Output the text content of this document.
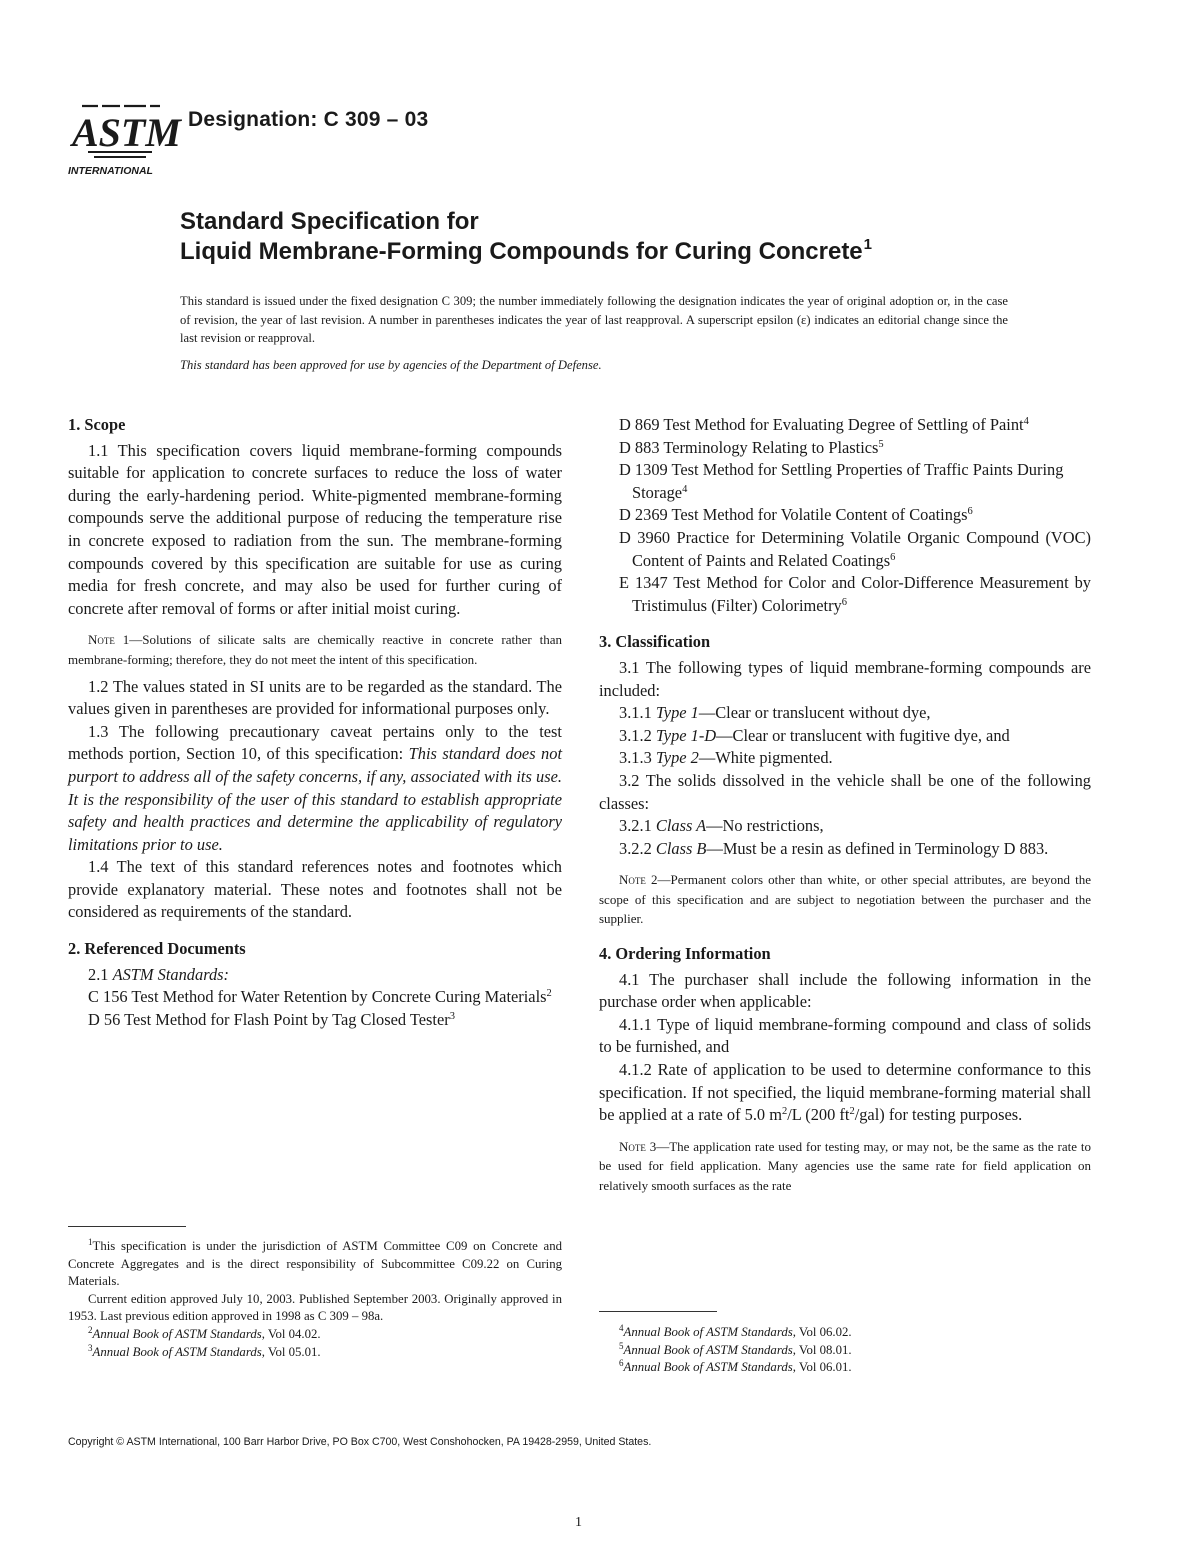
ASTM
INTERNATIONAL
Designation: C 309 – 03
Standard Specification for
Liquid Membrane-Forming Compounds for Curing Concrete$^1$
This standard is issued under the fixed designation C 309; the number immediately following the designation indicates the year of original adoption or, in the case of revision, the year of last revision. A number in parentheses indicates the year of last reapproval. A superscript epsilon (ε) indicates an editorial change since the last revision or reapproval.
This standard has been approved for use by agencies of the Department of Defense.

1. Scope

1.1 This specification covers liquid membrane-forming compounds suitable for application to concrete surfaces to reduce the loss of water during the early-hardening period. White-pigmented membrane-forming compounds serve the additional purpose of reducing the temperature rise in concrete exposed to radiation from the sun. The membrane-forming compounds covered by this specification are suitable for use as curing media for fresh concrete, and may also be used for further curing of concrete after removal of forms or after initial moist curing.

Note 1—Solutions of silicate salts are chemically reactive in concrete rather than membrane-forming; therefore, they do not meet the intent of this specification.

1.2 The values stated in SI units are to be regarded as the standard. The values given in parentheses are provided for informational purposes only.

1.3 The following precautionary caveat pertains only to the test methods portion, Section 10, of this specification: This standard does not purport to address all of the safety concerns, if any, associated with its use. It is the responsibility of the user of this standard to establish appropriate safety and health practices and determine the applicability of regulatory limitations prior to use.

1.4 The text of this standard references notes and footnotes which provide explanatory material. These notes and footnotes shall not be considered as requirements of the standard.

2. Referenced Documents

2.1 ASTM Standards:

C 156 Test Method for Water Retention by Concrete Curing Materials$^2$

D 56 Test Method for Flash Point by Tag Closed Tester$^3$

D 869 Test Method for Evaluating Degree of Settling of Paint$^4$

D 883 Terminology Relating to Plastics$^5$

D 1309 Test Method for Settling Properties of Traffic Paints During Storage$^4$

D 2369 Test Method for Volatile Content of Coatings$^6$

D 3960 Practice for Determining Volatile Organic Compound (VOC) Content of Paints and Related Coatings$^6$

E 1347 Test Method for Color and Color-Difference Measurement by Tristimulus (Filter) Colorimetry$^6$

3. Classification

3.1 The following types of liquid membrane-forming compounds are included:

3.1.1 Type 1—Clear or translucent without dye,

3.1.2 Type 1-D—Clear or translucent with fugitive dye, and

3.1.3 Type 2—White pigmented.

3.2 The solids dissolved in the vehicle shall be one of the following classes:

3.2.1 Class A—No restrictions,

3.2.2 Class B—Must be a resin as defined in Terminology D 883.

Note 2—Permanent colors other than white, or other special attributes, are beyond the scope of this specification and are subject to negotiation between the purchaser and the supplier.

4. Ordering Information

4.1 The purchaser shall include the following information in the purchase order when applicable:

4.1.1 Type of liquid membrane-forming compound and class of solids to be furnished, and

4.1.2 Rate of application to be used to determine conformance to this specification. If not specified, the liquid membrane-forming material shall be applied at a rate of 5.0 $m^2/L$ (200 $ft^2/gal$) for testing purposes.

Note 3—The application rate used for testing may, or may not, be the same as the rate to be used for field application. Many agencies use the same rate for field application on relatively smooth surfaces as the rate

$^1$This specification is under the jurisdiction of ASTM Committee C09 on Concrete and Concrete Aggregates and is the direct responsibility of Subcommittee C09.22 on Curing Materials.

Current edition approved July 10, 2003. Published September 2003. Originally approved in 1953. Last previous edition approved in 1998 as C 309 – 98a.

$^2$Annual Book of ASTM Standards, Vol 04.02.

$^3$Annual Book of ASTM Standards, Vol 05.01.

$^4$Annual Book of ASTM Standards, Vol 06.02.

$^5$Annual Book of ASTM Standards, Vol 08.01.

$^6$Annual Book of ASTM Standards, Vol 06.01.

Copyright © ASTM International, 100 Barr Harbor Drive, PO Box C700, West Conshohocken, PA 19428-2959, United States.
1
